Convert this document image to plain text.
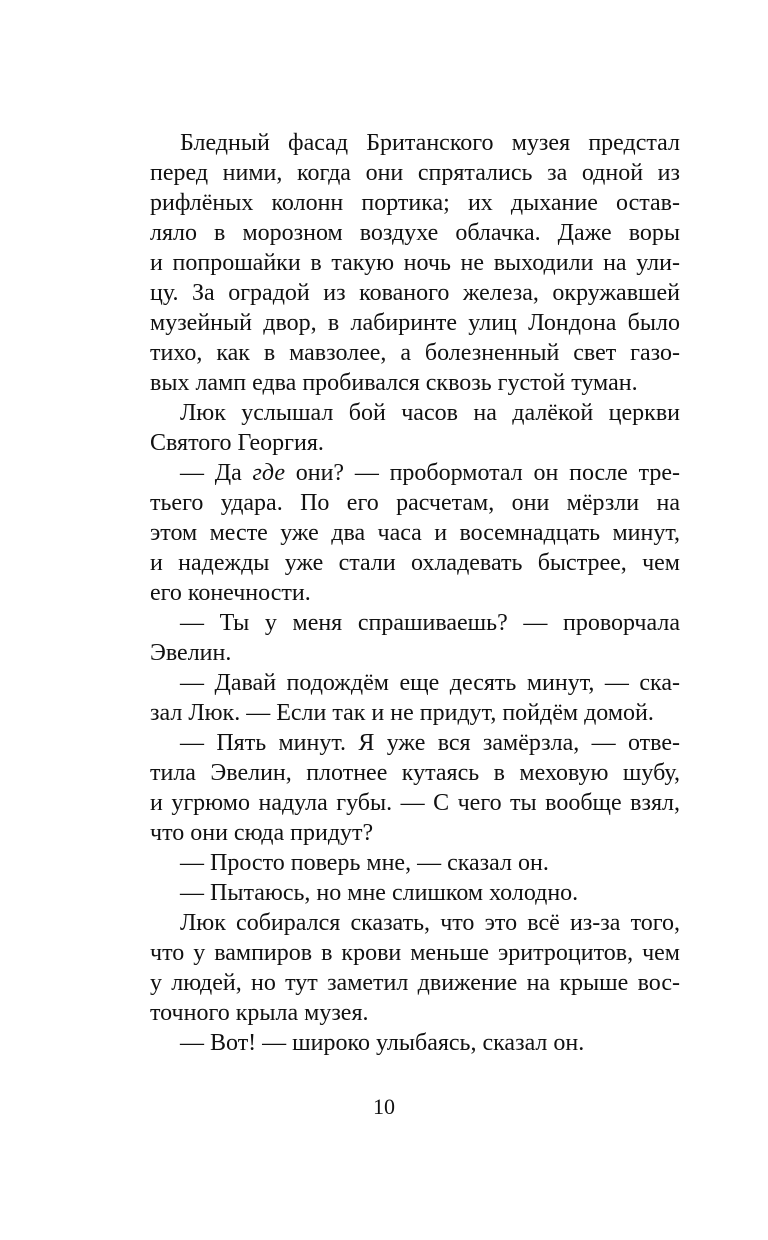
Бледный фасад Британского музея предстал
перед ними, когда они спрятались за одной из
рифлёных колонн портика; их дыхание остав-
ляло в морозном воздухе облачка. Даже воры
и попрошайки в такую ночь не выходили на ули-
цу. За оградой из кованого железа, окружавшей
музейный двор, в лабиринте улиц Лондона было
тихо, как в мавзолее, а болезненный свет газо-
вых ламп едва пробивался сквозь густой туман.
Люк услышал бой часов на далёкой церкви
Святого Георгия.
— Да где они? — пробормотал он после тре-
тьего удара. По его расчетам, они мёрзли на
этом месте уже два часа и восемнадцать минут,
и надежды уже стали охладевать быстрее, чем
его конечности.
— Ты у меня спрашиваешь? — проворчала
Эвелин.
— Давай подождём еще десять минут, — ска-
зал Люк. — Если так и не придут, пойдём домой.
— Пять минут. Я уже вся замёрзла, — отве-
тила Эвелин, плотнее кутаясь в меховую шубу,
и угрюмо надула губы. — С чего ты вообще взял,
что они сюда придут?
— Просто поверь мне, — сказал он.
— Пытаюсь, но мне слишком холодно.
Люк собирался сказать, что это всё из-за того,
что у вампиров в крови меньше эритроцитов, чем
у людей, но тут заметил движение на крыше вос-
точного крыла музея.
— Вот! — широко улыбаясь, сказал он.
10
